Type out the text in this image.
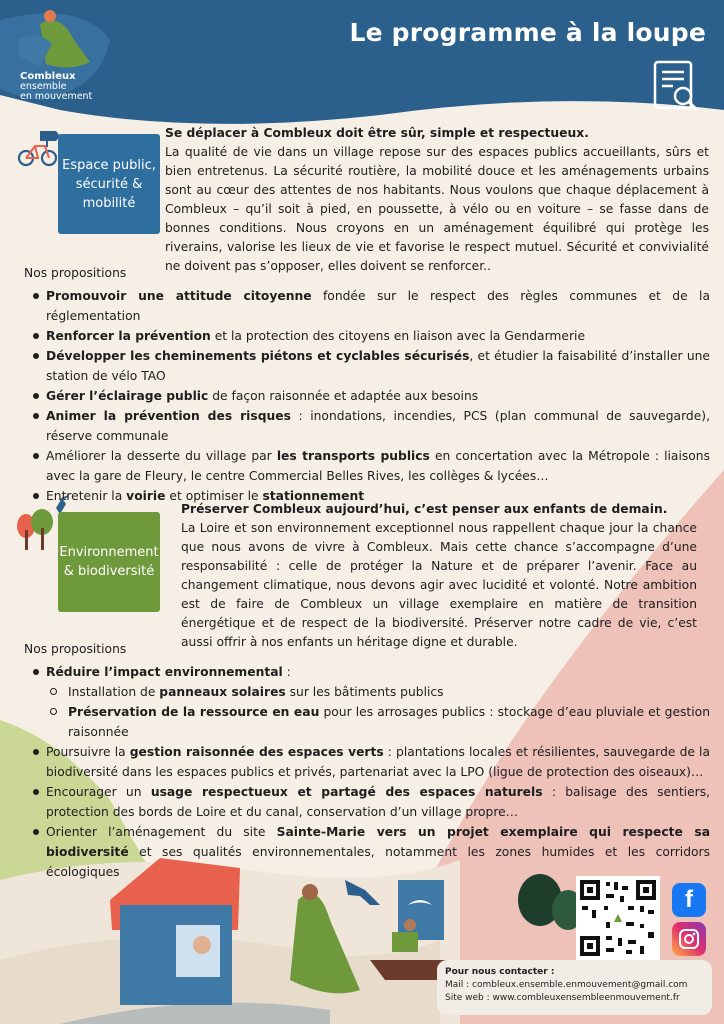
Le programme à la loupe
Combleux
ensemble
en mouvement
Espace public,
sécurité &
mobilité
Se déplacer à Combleux doit être sûr, simple et respectueux.
La qualité de vie dans un village repose sur des espaces publics accueillants, sûrs et bien entretenus. La sécurité routière, la mobilité douce et les aménagements urbains sont au cœur des attentes de nos habitants. Nous voulons que chaque déplacement à Combleux – qu’il soit à pied, en poussette, à vélo ou en voiture – se fasse dans de bonnes conditions. Nous croyons en un aménagement équilibré qui protège les riverains, valorise les lieux de vie et favorise le respect mutuel. Sécurité et convivialité ne doivent pas s’opposer, elles doivent se renforcer..
Nos propositions
Promouvoir une attitude citoyenne fondée sur le respect des règles communes et de la réglementation
Renforcer la prévention et la protection des citoyens en liaison avec la Gendarmerie
Développer les cheminements piétons et cyclables sécurisés, et étudier la faisabilité d’installer une station de vélo TAO
Gérer l’éclairage public de façon raisonnée et adaptée aux besoins
Animer la prévention des risques : inondations, incendies, PCS (plan communal de sauvegarde), réserve communale
Améliorer la desserte du village par les transports publics en concertation avec la Métropole : liaisons avec la gare de Fleury, le centre Commercial Belles Rives, les collèges & lycées…
Entretenir la voirie et optimiser le stationnement
Environnement
& biodiversité
Préserver Combleux aujourd’hui, c’est penser aux enfants de demain.
La Loire et son environnement exceptionnel nous rappellent chaque jour la chance que nous avons de vivre à Combleux. Mais cette chance s’accompagne d’une responsabilité : celle de protéger la Nature et de préparer l’avenir. Face au changement climatique, nous devons agir avec lucidité et volonté. Notre ambition est de faire de Combleux un village exemplaire en matière de transition énergétique et de respect de la biodiversité. Préserver notre cadre de vie, c’est aussi offrir à nos enfants un héritage digne et durable.
Nos propositions
Réduire l’impact environnemental :
Installation de panneaux solaires sur les bâtiments publics
Préservation de la ressource en eau pour les arrosages publics : stockage d’eau pluviale et gestion raisonnée
Poursuivre la gestion raisonnée des espaces verts : plantations locales et résilientes, sauvegarde de la biodiversité dans les espaces publics et privés, partenariat avec la LPO (ligue de protection des oiseaux)…
Encourager un usage respectueux et partagé des espaces naturels : balisage des sentiers, protection des bords de Loire et du canal, conservation d’un village propre…
Orienter l’aménagement du site Sainte-Marie vers un projet exemplaire qui respecte sa biodiversité et ses qualités environnementales, notamment les zones humides et les corridors écologiques
f
Pour nous contacter :
Mail : combleux.ensemble.enmouvement@gmail.com
Site web : www.combleuxensembleenmouvement.fr
